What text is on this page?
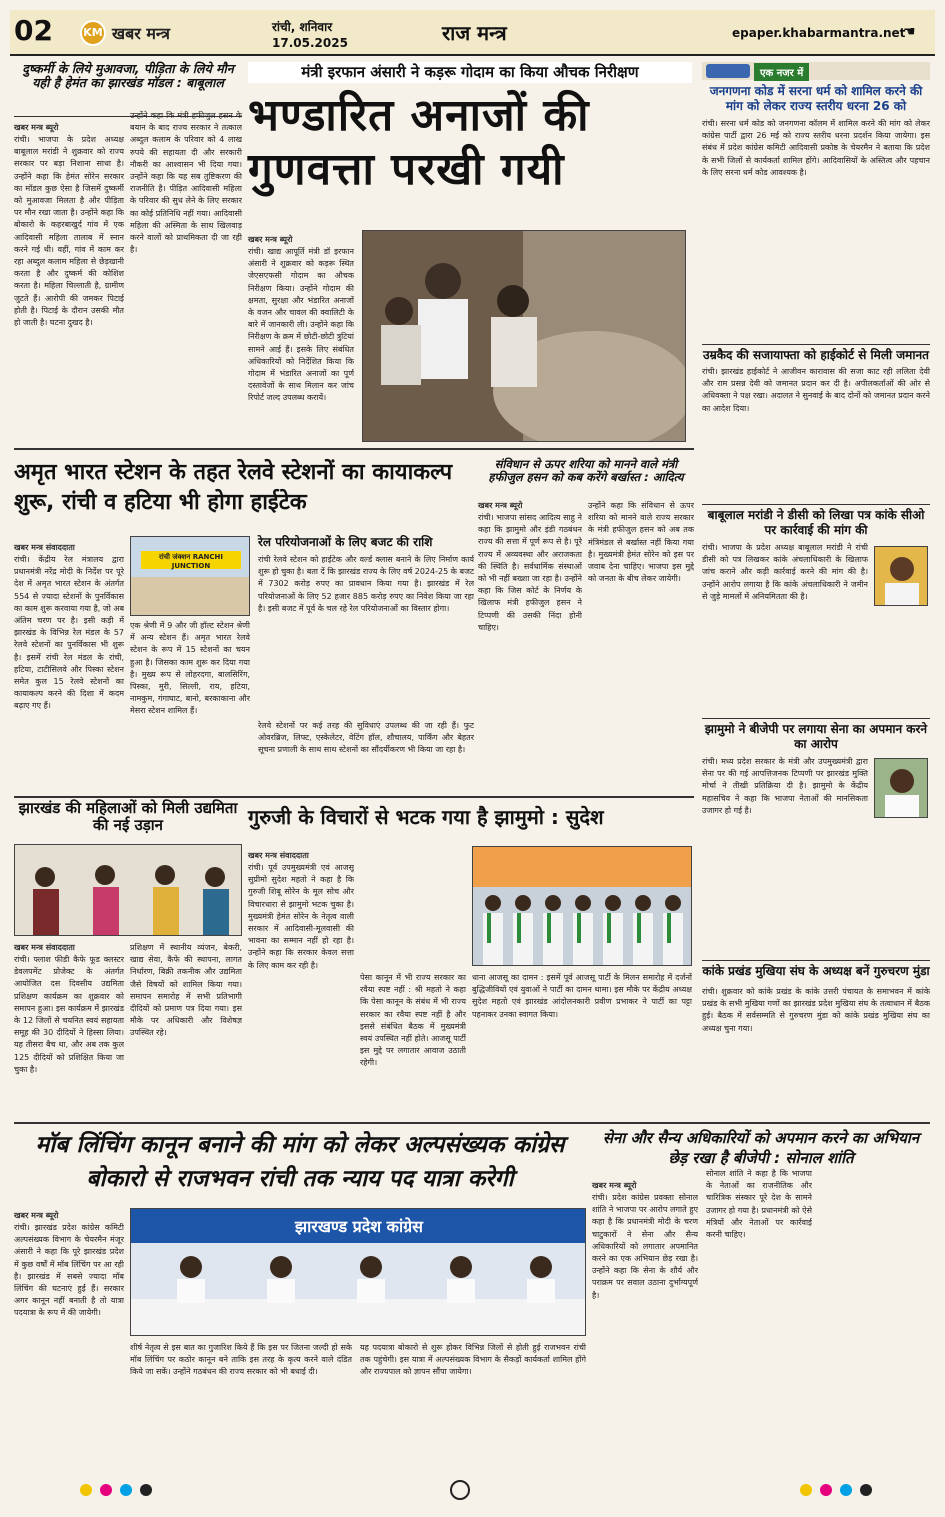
02	KM खबर मन्त्र	रांची, शनिवार
17.05.2025	राज मन्त्र	epaper.khabarmantra.net
☚
दुष्कर्मी के लिये मुआवजा, पीड़िता के लिये मौन यही है हेमंत का झारखंड मॉडल : बाबूलाल
खबर मन्त्र ब्यूरो
रांची। भाजपा के प्रदेश अध्यक्ष बाबूलाल मरांडी ने शुक्रवार को राज्य सरकार पर बड़ा निशाना साधा है। उन्होंने कहा कि हेमंत सोरेन सरकार का मॉडल कुछ ऐसा है जिसमें दुष्कर्मी को मुआवजा मिलता है और पीड़िता पर मौन रखा जाता है। उन्होंने कहा कि बोकारो के कहरबाखुर्द गांव में एक आदिवासी महिला तालाब में स्नान करने गई थी। वहीं, गांव में काम कर रहा अब्दुल कलाम महिला से छेड़खानी करता है और दुष्कर्म की कोशिश करता है। महिला चिल्लाती है, ग्रामीण जुटते हैं। आरोपी की जमकर पिटाई होती है। पिटाई के दौरान उसकी मौत हो जाती है। घटना दुखद है।
उन्होंने कहा कि मंत्री हफीजुल हसन के बयान के बाद राज्य सरकार ने तत्काल अब्दुल कलाम के परिवार को 4 लाख रुपये की सहायता दी और सरकारी नौकरी का आश्वासन भी दिया गया। उन्होंने कहा कि यह सब तुष्टिकरण की राजनीति है। पीड़ित आदिवासी महिला के परिवार की सुध लेने के लिए सरकार का कोई प्रतिनिधि नहीं गया। आदिवासी महिला की अस्मिता के साथ खिलवाड़ करने वालों को प्राथमिकता दी जा रही है।
मंत्री इरफान अंसारी ने कड़रू गोदाम का किया औचक निरीक्षण
भण्डारित अनाजों की गुणवत्ता परखी गयी
खबर मन्त्र ब्यूरो
रांची। खाद्य आपूर्ति मंत्री डॉ इरफान अंसारी ने शुक्रवार को कड़रू स्थित जेएसएफसी गोदाम का औचक निरीक्षण किया। उन्होंने गोदाम की क्षमता, सुरक्षा और भंडारित अनाजों के वजन और चावल की क्वालिटी के बारे में जानकारी ली। उन्होंने कहा कि निरीक्षण के क्रम में छोटी-छोटी त्रुटियां सामने आई हैं। इसके लिए संबंधित अधिकारियों को निर्देशित किया कि गोदाम में भंडारित अनाजों का पूर्ण दस्तावेजों के साथ मिलान कर जांच रिपोर्ट जल्द उपलब्ध करायें।
एक नजर में
जनगणना कोड में सरना धर्म को शामिल करने की मांग को लेकर राज्य स्तरीय धरना 26 को
रांची। सरना धर्म कोड को जनगणना कॉलम में शामिल करने की मांग को लेकर कांग्रेस पार्टी द्वारा 26 मई को राज्य स्तरीय धरना प्रदर्शन किया जायेगा। इस संबंध में प्रदेश कांग्रेस कमिटी आदिवासी प्रकोष्ठ के चेयरमैन ने बताया कि प्रदेश के सभी जिलों से कार्यकर्ता शामिल होंगे। आदिवासियों के अस्तित्व और पहचान के लिए सरना धर्म कोड आवश्यक है।
उम्रकैद की सजायाफ्ता को हाईकोर्ट से मिली जमानत
रांची। झारखंड हाईकोर्ट ने आजीवन कारावास की सजा काट रही ललिता देवी और राम प्रसन्न देवी को जमानत प्रदान कर दी है। अपीलकर्ताओं की ओर से अधिवक्ता ने पक्ष रखा। अदालत ने सुनवाई के बाद दोनों को जमानत प्रदान करने का आदेश दिया।
बाबूलाल मरांडी ने डीसी को लिखा पत्र कांके सीओ पर कार्रवाई की मांग की
रांची। भाजपा के प्रदेश अध्यक्ष बाबूलाल मरांडी ने रांची डीसी को पत्र लिखकर कांके अंचलाधिकारी के खिलाफ जांच कराने और कड़ी कार्रवाई करने की मांग की है। उन्होंने आरोप लगाया है कि कांके अंचलाधिकारी ने जमीन से जुड़े मामलों में अनियमितता की है।
झामुमो ने बीजेपी पर लगाया सेना का अपमान करने का आरोप
रांची। मध्य प्रदेश सरकार के मंत्री और उपमुख्यमंत्री द्वारा सेना पर की गई आपत्तिजनक टिप्पणी पर झारखंड मुक्ति मोर्चा ने तीखी प्रतिक्रिया दी है। झामुमो के केंद्रीय महासचिव ने कहा कि भाजपा नेताओं की मानसिकता उजागर हो गई है।
कांके प्रखंड मुखिया संघ के अध्यक्ष बनें गुरुचरण मुंडा
रांची। शुक्रवार को कांके प्रखंड के कांके उत्तरी पंचायत के समाभवन में कांके प्रखंड के सभी मुखिया गणों का झारखंड प्रदेश मुखिया संघ के तत्वाधान में बैठक हुई। बैठक में सर्वसम्मति से गुरुचरण मुंडा को कांके प्रखंड मुखिया संघ का अध्यक्ष चुना गया।
अमृत भारत स्टेशन के तहत रेलवे स्टेशनों का कायाकल्प शुरू, रांची व हटिया भी होगा हाईटेक
खबर मन्त्र संवाददाता
रांची। केंद्रीय रेल मंत्रालय द्वारा प्रधानमंत्री नरेंद्र मोदी के निर्देश पर पूरे देश में अमृत भारत स्टेशन के अंतर्गत 554 से ज्यादा स्टेशनों के पुनर्विकास का काम शुरू करवाया गया है, जो अब अंतिम चरण पर है। इसी कड़ी में झारखंड के विभिन्न रेल मंडल के 57 रेलवे स्टेशनों का पुनर्विकास भी शुरू है। इसमें रांची रेल मंडल के रांची, हटिया, टाटीसिलवे और पिस्का स्टेशन समेत कुल 15 रेलवे स्टेशनों का कायाकल्प करने की दिशा में कदम बढ़ाए गए हैं।
रांची जंक्शन RANCHI JUNCTION
एक श्रेणी में 9 और जी हॉल्ट स्टेशन श्रेणी में अन्य स्टेशन हैं। अमृत भारत रेलवे स्टेशन के रूप में 15 स्टेशनों का चयन हुआ है। जिसका काम शुरू कर दिया गया है। मुख्य रूप से लोहरदगा, बालसिरिंग, पिस्का, मुरी, सिल्ली, राय, हटिया, नामकुम, गंगाघाट, बानो, बरकाकाना और मेसरा स्टेशन शामिल हैं।
रेल परियोजनाओं के लिए बजट की राशि
रांची रेलवे स्टेशन को हाईटेक और वर्ल्ड क्लास बनाने के लिए निर्माण कार्य शुरू हो चुका है। बता दें कि झारखंड राज्य के लिए वर्ष 2024-25 के बजट में 7302 करोड़ रुपए का प्रावधान किया गया है। झारखंड में रेल परियोजनाओं के लिए 52 हजार 885 करोड़ रुपए का निवेश किया जा रहा है। इसी बजट में पूर्व के चल रहे रेल परियोजनाओं का विस्तार होगा।
रेलवे स्टेशनों पर कई तरह की सुविधाएं उपलब्ध की जा रही हैं। फुट ओवरब्रिज, लिफ्ट, एस्केलेटर, वेटिंग हॉल, शौचालय, पार्किंग और बेहतर सूचना प्रणाली के साथ साथ स्टेशनों का सौंदर्यीकरण भी किया जा रहा है।
संविधान से ऊपर शरिया को मानने वाले मंत्री हफीजुल हसन को कब करेंगे बर्खास्त : आदित्य
खबर मन्त्र ब्यूरो
रांची। भाजपा सांसद आदित्य साहु ने कहा कि झामुमो और इंडी गठबंधन राज्य की सत्ता में पूर्ण रूप से है। पूरे राज्य में अव्यवस्था और अराजकता की स्थिति है। सर्वधार्मिक संस्थाओं को भी नहीं बख्शा जा रहा है। उन्होंने कहा कि जिस कोर्ट के निर्णय के खिलाफ मंत्री हफीजुल हसन ने टिप्पणी की उसकी निंदा होनी चाहिए।
उन्होंने कहा कि संविधान से ऊपर शरिया को मानने वाले राज्य सरकार के मंत्री हफीजुल हसन को अब तक मंत्रिमंडल से बर्खास्त नहीं किया गया है। मुख्यमंत्री हेमंत सोरेन को इस पर जवाब देना चाहिए। भाजपा इस मुद्दे को जनता के बीच लेकर जायेगी।
झारखंड की महिलाओं को मिली उद्यमिता की नई उड़ान
खबर मन्त्र संवाददाता
रांची। फ्लाश फीडी कैफे फूड क्लस्टर डेवलपमेंट प्रोजेक्ट के अंतर्गत आयोजित दस दिवसीय उद्यमिता प्रशिक्षण कार्यक्रम का शुक्रवार को समापन हुआ। इस कार्यक्रम में झारखंड के 12 जिलों से चयनित स्वयं सहायता समूह की 30 दीदियों ने हिस्सा लिया। यह तीसरा बैच था, और अब तक कुल 125 दीदियों को प्रशिक्षित किया जा चुका है।
प्रशिक्षण में स्थानीय व्यंजन, बेकरी, खाद्य सेवा, कैफे की स्थापना, लागत निर्धारण, बिक्री तकनीक और उद्यमिता जैसे विषयों को शामिल किया गया। समापन समारोह में सभी प्रतिभागी दीदियों को प्रमाण पत्र दिया गया। इस मौके पर अधिकारी और विशेषज्ञ उपस्थित रहे।
गुरुजी के विचारों से भटक गया है झामुमो : सुदेश
खबर मन्त्र संवाददाता
रांची। पूर्व उपमुख्यमंत्री एवं आजसू सुप्रीमो सुदेश महतो ने कहा है कि गुरुजी शिबू सोरेन के मूल सोच और विचारधारा से झामुमो भटक चुका है। मुख्यमंत्री हेमंत सोरेन के नेतृत्व वाली सरकार में आदिवासी-मूलवासी की भावना का सम्मान नहीं हो रहा है। उन्होंने कहा कि सरकार केवल सत्ता के लिए काम कर रही है।
पेसा कानून में भी राज्य सरकार का रवैया स्पष्ट नहीं : श्री महतो ने कहा कि पेसा कानून के संबंध में भी राज्य सरकार का रवैया स्पष्ट नहीं है और इससे संबंधित बैठक में मुख्यमंत्री स्वयं उपस्थित नहीं होते। आजसू पार्टी इस मुद्दे पर लगातार आवाज उठाती रहेगी।
धाना आजसू का दामन : इसमें पूर्व आजसू पार्टी के मिलन समारोह में दर्जनों बुद्धिजीवियों एवं युवाओं ने पार्टी का दामन थामा। इस मौके पर केंद्रीय अध्यक्ष सुदेश महतो एवं झारखंड आंदोलनकारी प्रवीण प्रभाकर ने पार्टी का पट्टा पहनाकर उनका स्वागत किया।
मॉब लिंचिंग कानून बनाने की मांग को लेकर अल्पसंख्यक कांग्रेस बोकारो से राजभवन रांची तक न्याय पद यात्रा करेगी
खबर मन्त्र ब्यूरो
रांची। झारखंड प्रदेश कांग्रेस कमिटी अल्पसंख्यक विभाग के चेयरमैन मंजूर अंसारी ने कहा कि पूरे झारखंड प्रदेश में कुछ वर्षों में मॉब लिंचिंग पर आ रही है। झारखंड में सबसे ज्यादा मॉब लिंचिंग की घटनाएं हुईं हैं। सरकार अगर कानून नहीं बनाती है तो यात्रा पदयात्रा के रूप में की जायेगी।
झारखण्ड प्रदेश कांग्रेस
शीर्ष नेतृत्व से इस बात का गुजारिश किये हैं कि इस पर जितना जल्दी हो सके मॉब लिंचिंग पर कठोर कानून बने ताकि इस तरह के कृत्य करने वाले दंडित किये जा सकें। उन्होंने गठबंधन की राज्य सरकार को भी बधाई दी।
यह पदयात्रा बोकारो से शुरू होकर विभिन्न जिलों से होती हुई राजभवन रांची तक पहुंचेगी। इस यात्रा में अल्पसंख्यक विभाग के सैकड़ों कार्यकर्ता शामिल होंगे और राज्यपाल को ज्ञापन सौंपा जायेगा।
सेना और सैन्य अधिकारियों को अपमान करने का अभियान छेड़ रखा है बीजेपी : सोनाल शांति
खबर मन्त्र ब्यूरो
रांची। प्रदेश कांग्रेस प्रवक्ता सोनाल शांति ने भाजपा पर आरोप लगाते हुए कहा है कि प्रधानमंत्री मोदी के चरण चाटुकारों ने सेना और सैन्य अधिकारियों को लगातार अपमानित करने का एक अभियान छेड़ रखा है। उन्होंने कहा कि सेना के शौर्य और पराक्रम पर सवाल उठाना दुर्भाग्यपूर्ण है।
सोनाल शांति ने कहा है कि भाजपा के नेताओं का राजनीतिक और चारित्रिक संस्कार पूरे देश के सामने उजागर हो गया है। प्रधानमंत्री को ऐसे मंत्रियों और नेताओं पर कार्रवाई करनी चाहिए।
